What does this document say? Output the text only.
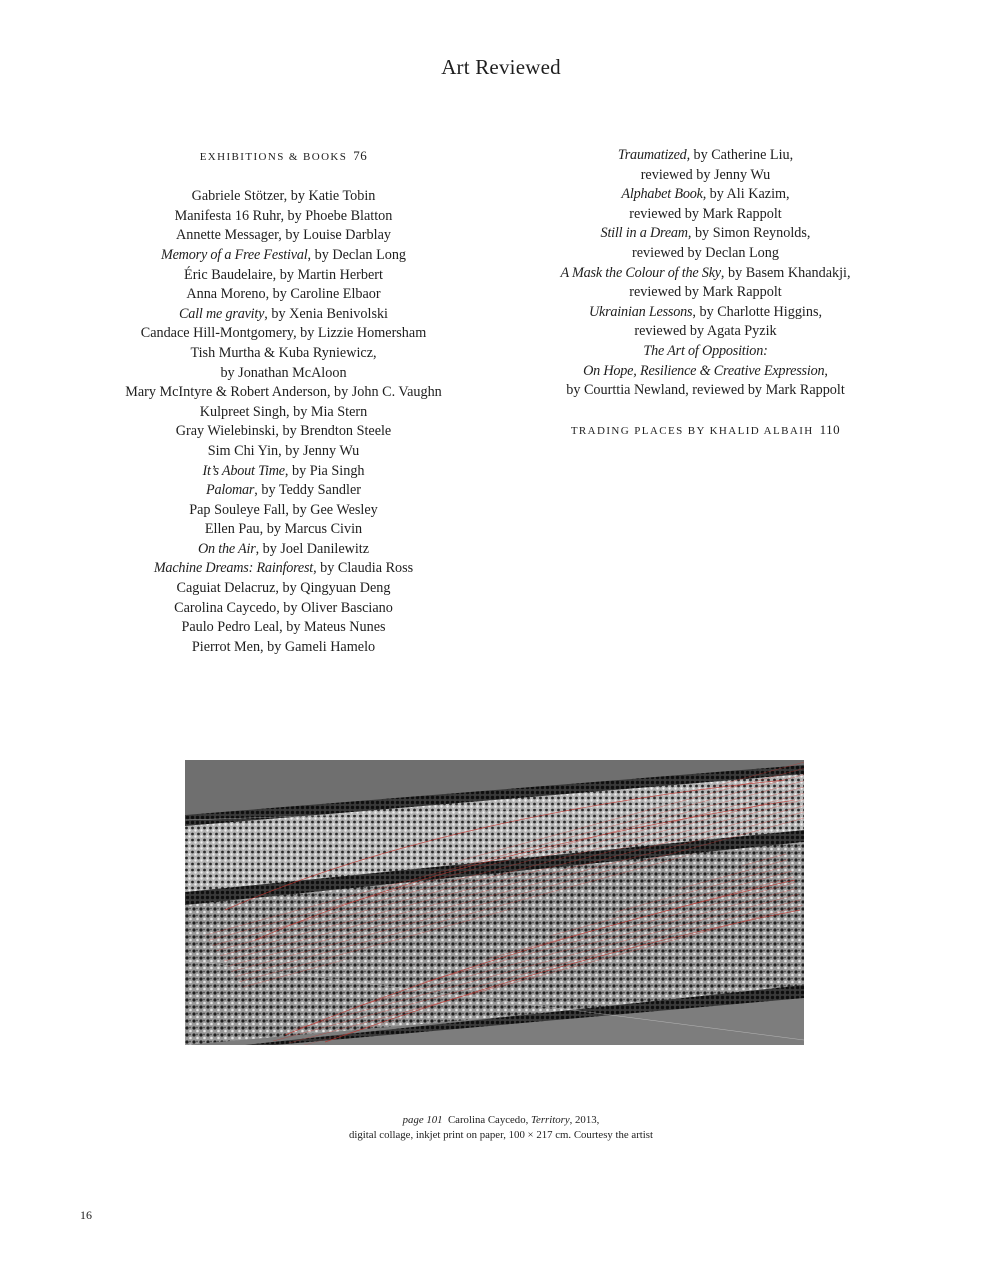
Art Reviewed
EXHIBITIONS & BOOKS 76
Gabriele Stötzer, by Katie Tobin
Manifesta 16 Ruhr, by Phoebe Blatton
Annette Messager, by Louise Darblay
Memory of a Free Festival, by Declan Long
Éric Baudelaire, by Martin Herbert
Anna Moreno, by Caroline Elbaor
Call me gravity, by Xenia Benivolski
Candace Hill-Montgomery, by Lizzie Homersham
Tish Murtha & Kuba Ryniewicz,
by Jonathan McAloon
Mary McIntyre & Robert Anderson, by John C. Vaughn
Kulpreet Singh, by Mia Stern
Gray Wielebinski, by Brendton Steele
Sim Chi Yin, by Jenny Wu
It’s About Time, by Pia Singh
Palomar, by Teddy Sandler
Pap Souleye Fall, by Gee Wesley
Ellen Pau, by Marcus Civin
On the Air, by Joel Danilewitz
Machine Dreams: Rainforest, by Claudia Ross
Caguiat Delacruz, by Qingyuan Deng
Carolina Caycedo, by Oliver Basciano
Paulo Pedro Leal, by Mateus Nunes
Pierrot Men, by Gameli Hamelo
Traumatized, by Catherine Liu,
reviewed by Jenny Wu
Alphabet Book, by Ali Kazim,
reviewed by Mark Rappolt
Still in a Dream, by Simon Reynolds,
reviewed by Declan Long
A Mask the Colour of the Sky, by Basem Khandakji,
reviewed by Mark Rappolt
Ukrainian Lessons, by Charlotte Higgins,
reviewed by Agata Pyzik
The Art of Opposition:
On Hope, Resilience & Creative Expression,
by Courttia Newland, reviewed by Mark Rappolt
TRADING PLACES BY KHALID ALBAIH 110
page 101 Carolina Caycedo, Territory, 2013,
digital collage, inkjet print on paper, 100 × 217 cm. Courtesy the artist
16
